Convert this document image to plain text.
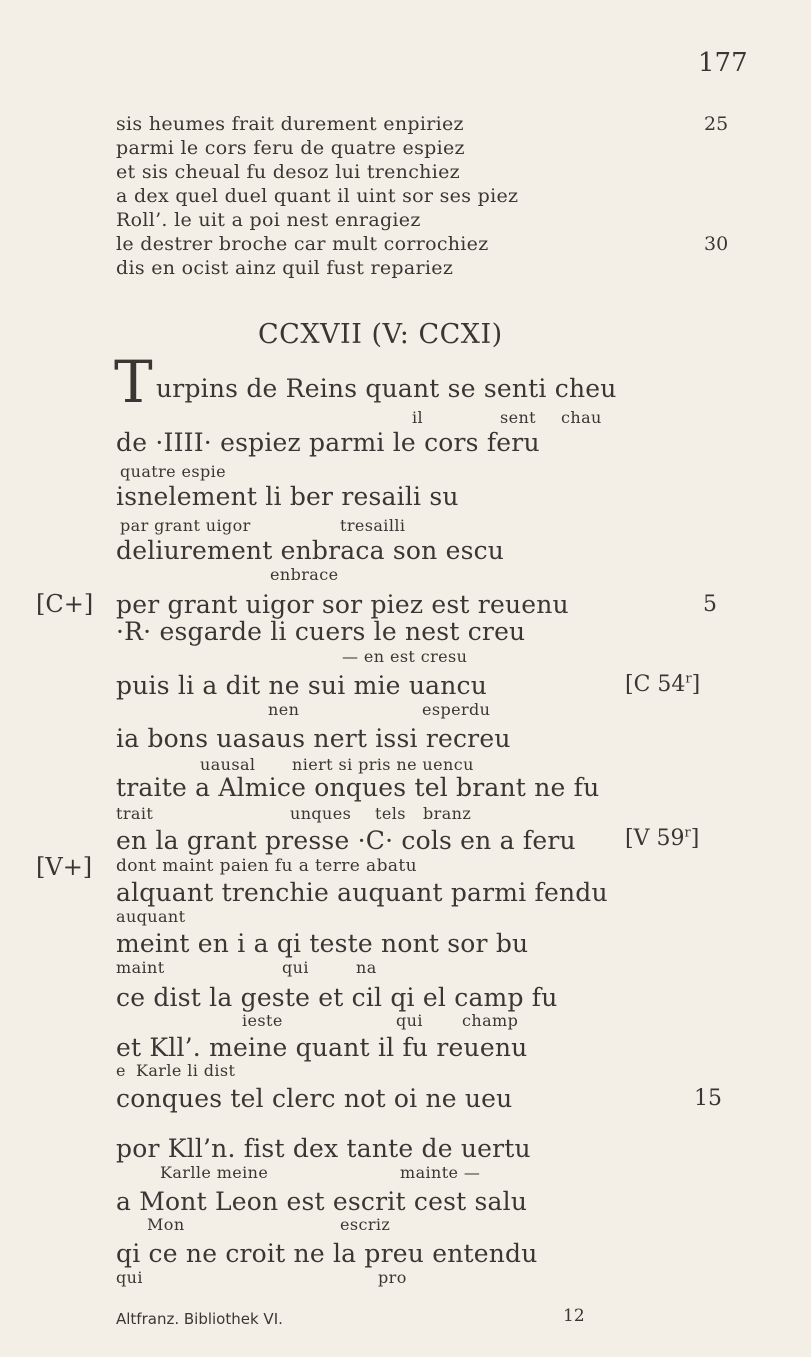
177
sis heumes frait durement enpiriez	25
parmi le cors feru de quatre espiez
et sis cheual fu desoz lui trenchiez
a dex quel duel quant il uint sor ses piez
Roll’. le uit a poi nest enragiez
le destrer broche car mult corrochiez	30
dis en ocist ainz quil fust repariez
CCXVII (V: CCXI)
T urpins de Reins quant se senti cheu
il	sent chau
de ·IIII· espiez parmi le cors feru
quatre espie
isnelement li ber resaili su
par grant uigor	tresailli
deliurement enbraca son escu
enbrace
[C+] per grant uigor sor piez est reuenu	5
·R· esgarde li cuers le nest creu
— en est cresu
puis li a dit ne sui mie uancu	[C 54$^r$]
nen	esperdu
ia bons uasaus nert issi recreu
uausal niert si pris ne uencu
traite a Almice onques tel brant ne fu
trait	unques tels branz
en la grant presse ·C· cols en a feru [V 59$^r$]
[V+] dont maint paien fu a terre abatu
alquant trenchie auquant parmi fendu
auquant
meint en i a qi teste nont sor bu
maint	qui	na
ce dist la geste et cil qi el camp fu
ieste	qui champ
et Kll’. meine quant il fu reuenu
e Karle li dist
conques tel clerc not oi ne ueu	15
por Kll’n. fist dex tante de uertu
Karlle meine	mainte —
a Mont Leon est escrit cest salu
Mon	escriz
qi ce ne croit ne la preu entendu
qui	pro
Altfranz. Bibliothek VI.	12
